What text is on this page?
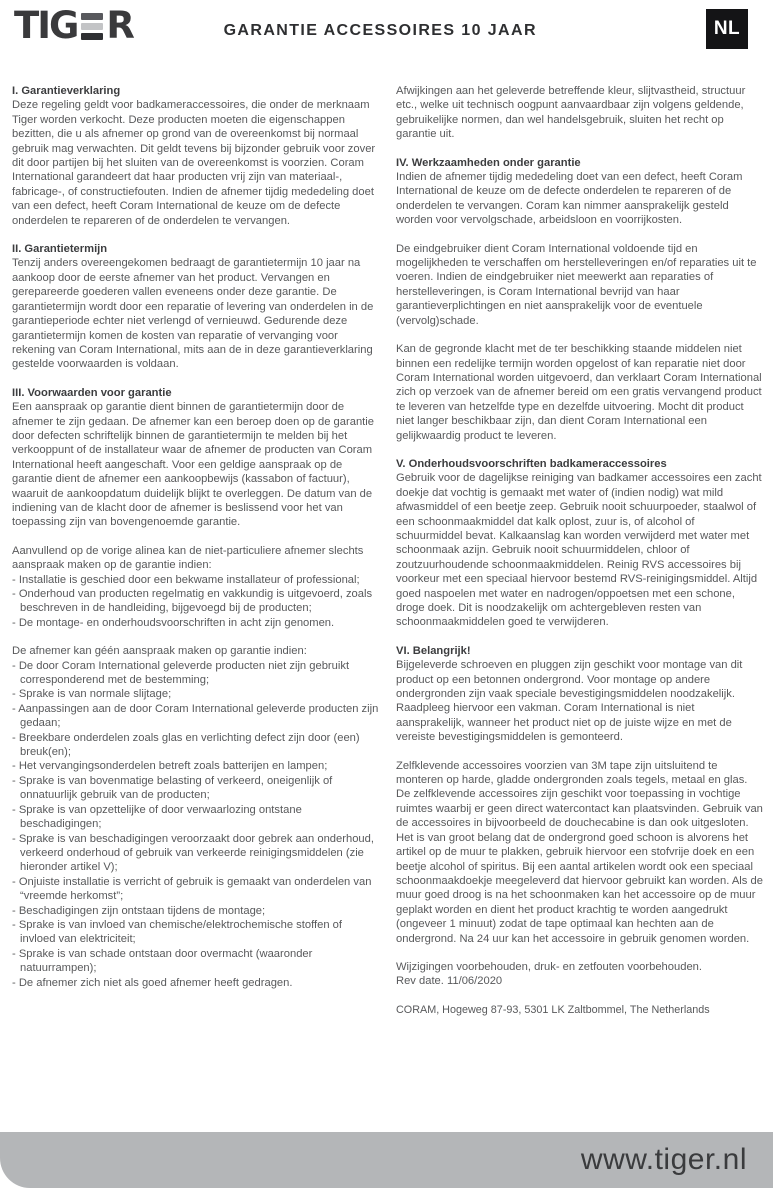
T I G R	GARANTIE ACCESSOIRES 10 JAAR	NL
I. Garantieverklaring

Deze regeling geldt voor badkameraccessoires, die onder de merknaam Tiger worden verkocht. Deze producten moeten die eigenschappen bezitten, die u als afnemer op grond van de overeenkomst bij normaal gebruik mag verwachten. Dit geldt tevens bij bijzonder gebruik voor zover dit door partijen bij het sluiten van de overeenkomst is voorzien. Coram International garandeert dat haar producten vrij zijn van materiaal-, fabricage-, of constructiefouten. Indien de afnemer tijdig mededeling doet van een defect, heeft Coram International de keuze om de defecte onderdelen te repareren of de onderdelen te vervangen.

II. Garantietermijn

Tenzij anders overeengekomen bedraagt de garantietermijn 10 jaar na aankoop door de eerste afnemer van het product. Vervangen en gerepareerde goederen vallen eveneens onder deze garantie. De garantietermijn wordt door een reparatie of levering van onderdelen in de garantieperiode echter niet verlengd of vernieuwd. Gedurende deze garantietermijn komen de kosten van reparatie of vervanging voor rekening van Coram International, mits aan de in deze garantieverklaring gestelde voorwaarden is voldaan.

III. Voorwaarden voor garantie

Een aanspraak op garantie dient binnen de garantietermijn door de afnemer te zijn gedaan. De afnemer kan een beroep doen op de garantie door defecten schriftelijk binnen de garantietermijn te melden bij het verkooppunt of de installateur waar de afnemer de producten van Coram International heeft aangeschaft. Voor een geldige aanspraak op de garantie dient de afnemer een aankoopbewijs (kassabon of factuur), waaruit de aankoopdatum duidelijk blijkt te overleggen. De datum van de indiening van de klacht door de afnemer is beslissend voor het van toepassing zijn van bovengenoemde garantie.

Aanvullend op de vorige alinea kan de niet-particuliere afnemer slechts aanspraak maken op de garantie indien:

- Installatie is geschied door een bekwame installateur of professional;

- Onderhoud van producten regelmatig en vakkundig is uitgevoerd, zoals beschreven in de handleiding, bijgevoegd bij de producten;

- De montage- en onderhoudsvoorschriften in acht zijn genomen.

De afnemer kan géén aanspraak maken op garantie indien:

- De door Coram International geleverde producten niet zijn gebruikt corresponderend met de bestemming;

- Sprake is van normale slijtage;

- Aanpassingen aan de door Coram International geleverde producten zijn gedaan;

- Breekbare onderdelen zoals glas en verlichting defect zijn door (een) breuk(en);

- Het vervangingsonderdelen betreft zoals batterijen en lampen;

- Sprake is van bovenmatige belasting of verkeerd, oneigenlijk of onnatuurlijk gebruik van de producten;

- Sprake is van opzettelijke of door verwaarlozing ontstane beschadigingen;

- Sprake is van beschadigingen veroorzaakt door gebrek aan onderhoud, verkeerd onderhoud of gebruik van verkeerde reinigingsmiddelen (zie hieronder artikel V);

- Onjuiste installatie is verricht of gebruik is gemaakt van onderdelen van “vreemde herkomst”;

- Beschadigingen zijn ontstaan tijdens de montage;

- Sprake is van invloed van chemische/elektrochemische stoffen of invloed van elektriciteit;

- Sprake is van schade ontstaan door overmacht (waaronder natuurrampen);

- De afnemer zich niet als goed afnemer heeft gedragen.

Afwijkingen aan het geleverde betreffende kleur, slijtvastheid, structuur etc., welke uit technisch oogpunt aanvaardbaar zijn volgens geldende, gebruikelijke normen, dan wel handelsgebruik, sluiten het recht op garantie uit.

IV. Werkzaamheden onder garantie

Indien de afnemer tijdig mededeling doet van een defect, heeft Coram International de keuze om de defecte onderdelen te repareren of de onderdelen te vervangen. Coram kan nimmer aansprakelijk gesteld worden voor vervolgschade, arbeidsloon en voorrijkosten.

De eindgebruiker dient Coram International voldoende tijd en mogelijkheden te verschaffen om herstelleveringen en/of reparaties uit te voeren. Indien de eindgebruiker niet meewerkt aan reparaties of herstelleveringen, is Coram International bevrijd van haar garantieverplichtingen en niet aansprakelijk voor de eventuele (vervolg)schade.

Kan de gegronde klacht met de ter beschikking staande middelen niet binnen een redelijke termijn worden opgelost of kan reparatie niet door Coram International worden uitgevoerd, dan verklaart Coram International zich op verzoek van de afnemer bereid om een gratis vervangend product te leveren van hetzelfde type en dezelfde uitvoering. Mocht dit product niet langer beschikbaar zijn, dan dient Coram International een gelijkwaardig product te leveren.

V. Onderhoudsvoorschriften badkameraccessoires

Gebruik voor de dagelijkse reiniging van badkamer accessoires een zacht doekje dat vochtig is gemaakt met water of (indien nodig) wat mild afwasmiddel of een beetje zeep. Gebruik nooit schuurpoeder, staalwol of een schoonmaakmiddel dat kalk oplost, zuur is, of alcohol of schuurmiddel bevat. Kalkaanslag kan worden verwijderd met water met schoonmaak azijn. Gebruik nooit schuurmiddelen, chloor of zoutzuurhoudende schoonmaakmiddelen. Reinig RVS accessoires bij voorkeur met een speciaal hiervoor bestemd RVS-reinigingsmiddel. Altijd goed naspoelen met water en nadrogen/oppoetsen met een schone, droge doek. Dit is noodzakelijk om achtergebleven resten van schoonmaakmiddelen goed te verwijderen.

VI. Belangrijk!

Bijgeleverde schroeven en pluggen zijn geschikt voor montage van dit product op een betonnen ondergrond. Voor montage op andere ondergronden zijn vaak speciale bevestigingsmiddelen noodzakelijk. Raadpleeg hiervoor een vakman. Coram International is niet aansprakelijk, wanneer het product niet op de juiste wijze en met de vereiste bevestigingsmiddelen is gemonteerd.

Zelfklevende accessoires voorzien van 3M tape zijn uitsluitend te monteren op harde, gladde ondergronden zoals tegels, metaal en glas. De zelfklevende accessoires zijn geschikt voor toepassing in vochtige ruimtes waarbij er geen direct watercontact kan plaatsvinden. Gebruik van de accessoires in bijvoorbeeld de douchecabine is dan ook uitgesloten. Het is van groot belang dat de ondergrond goed schoon is alvorens het artikel op de muur te plakken, gebruik hiervoor een stofvrije doek en een beetje alcohol of spiritus. Bij een aantal artikelen wordt ook een speciaal schoonmaakdoekje meegeleverd dat hiervoor gebruikt kan worden. Als de muur goed droog is na het schoonmaken kan het accessoire op de muur geplakt worden en dient het product krachtig te worden aangedrukt (ongeveer 1 minuut) zodat de tape optimaal kan hechten aan de ondergrond. Na 24 uur kan het accessoire in gebruik genomen worden.

Wijzigingen voorbehouden, druk- en zetfouten voorbehouden.

Rev date. 11/06/2020

CORAM, Hogeweg 87-93, 5301 LK Zaltbommel, The Netherlands

www.tiger.nl
